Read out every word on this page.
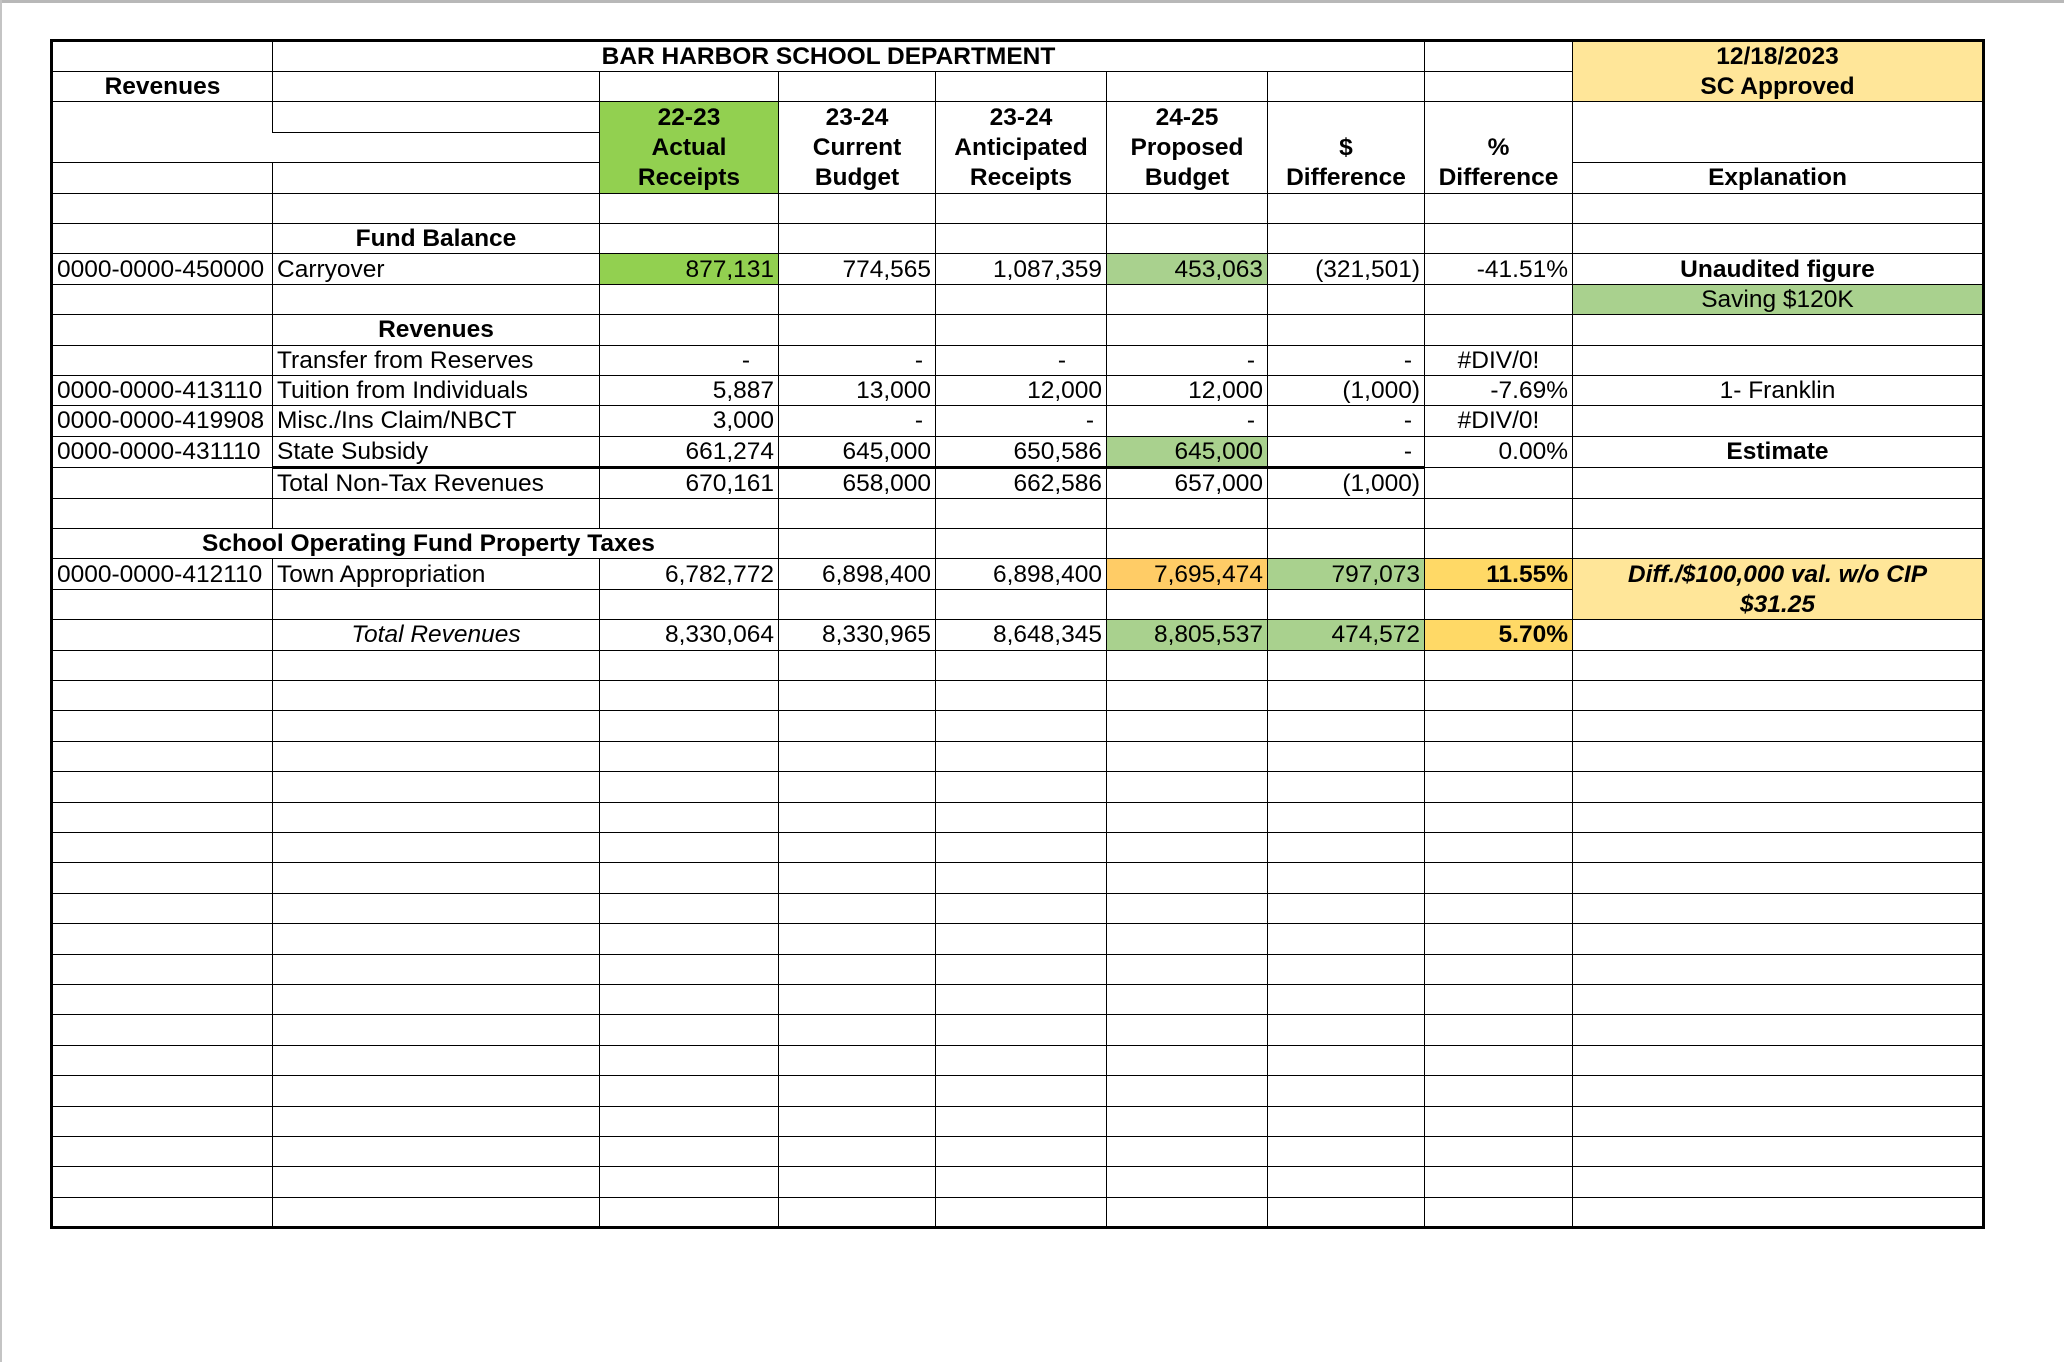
	BAR HARBOR SCHOOL DEPARTMENT							12/18/2023
Revenues								SC Approved
		22-23	23-24	23-24	24-25			
		Actual	Current	Anticipated	Proposed	$	%	
		Receipts	Budget	Receipts	Budget	Difference	Difference	Explanation

	Fund Balance							
0000-0000-450000	Carryover	877,131	774,565	1,087,359	453,063	(321,501)	-41.51%	Unaudited figure
								Saving $120K
	Revenues							
	Transfer from Reserves	-	-	-	-	-	#DIV/0!	
0000-0000-413110	Tuition from Individuals	5,887	13,000	12,000	12,000	(1,000)	-7.69%	1- Franklin
0000-0000-419908	Misc./Ins Claim/NBCT	3,000	-	-	-	-	#DIV/0!	
0000-0000-431110	State Subsidy	661,274	645,000	650,586	645,000	-	0.00%	Estimate
	Total Non-Tax Revenues	670,161	658,000	662,586	657,000	(1,000)		

School Operating Fund Property Taxes								
0000-0000-412110	Town Appropriation	6,782,772	6,898,400	6,898,400	7,695,474	797,073	11.55%	Diff./$100,000 val. w/o CIP
								$31.25
	Total Revenues	8,330,064	8,330,965	8,648,345	8,805,537	474,572	5.70%	
